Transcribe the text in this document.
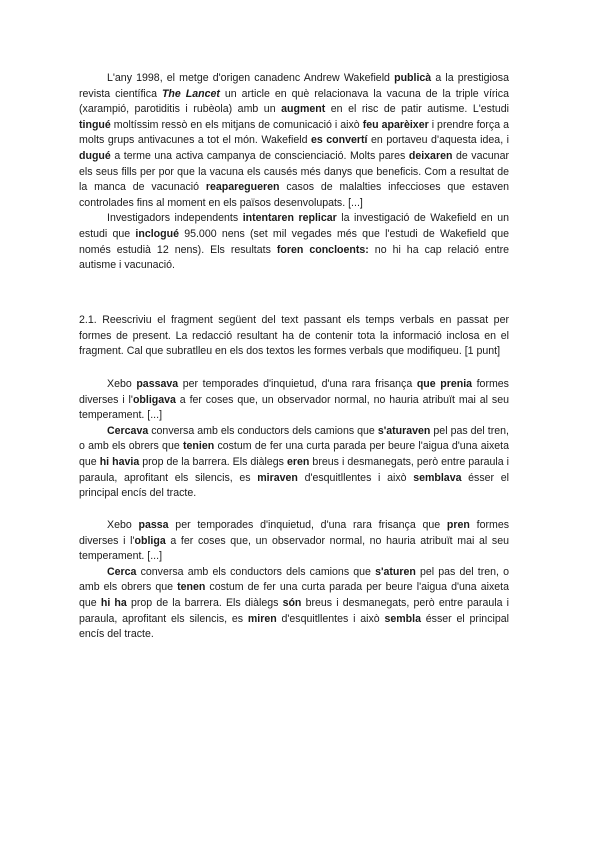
L'any 1998, el metge d'origen canadenc Andrew Wakefield publicà a la prestigiosa revista científica The Lancet un article en què relacionava la vacuna de la triple vírica (xarampió, parotiditis i rubèola) amb un augment en el risc de patir autisme. L'estudi tingué moltíssim ressò en els mitjans de comunicació i això feu aparèixer i prendre força a molts grups antivacunes a tot el món. Wakefield es convertí en portaveu d'aquesta idea, i dugué a terme una activa campanya de conscienciació. Molts pares deixaren de vacunar els seus fills per por que la vacuna els causés més danys que beneficis. Com a resultat de la manca de vacunació reaparegueren casos de malalties infeccioses que estaven controlades fins al moment en els països desenvolupats. [...]

Investigadors independents intentaren replicar la investigació de Wakefield en un estudi que inclogué 95.000 nens (set mil vegades més que l'estudi de Wakefield que només estudià 12 nens). Els resultats foren concloents: no hi ha cap relació entre autisme i vacunació.

2.1. Reescriviu el fragment següent del text passant els temps verbals en passat per formes de present. La redacció resultant ha de contenir tota la informació inclosa en el fragment. Cal que subratlleu en els dos textos les formes verbals que modifiqueu. [1 punt]

Xebo passava per temporades d'inquietud, d'una rara frisança que prenia formes diverses i l'obligava a fer coses que, un observador normal, no hauria atribuït mai al seu temperament. [...]

Cercava conversa amb els conductors dels camions que s'aturaven pel pas del tren, o amb els obrers que tenien costum de fer una curta parada per beure l'aigua d'una aixeta que hi havia prop de la barrera. Els diàlegs eren breus i desmanegats, però entre paraula i paraula, aprofitant els silencis, es miraven d'esquitllentes i això semblava ésser el principal encís del tracte.

Xebo passa per temporades d'inquietud, d'una rara frisança que pren formes diverses i l'obliga a fer coses que, un observador normal, no hauria atribuït mai al seu temperament. [...]

Cerca conversa amb els conductors dels camions que s'aturen pel pas del tren, o amb els obrers que tenen costum de fer una curta parada per beure l'aigua d'una aixeta que hi ha prop de la barrera. Els diàlegs són breus i desmanegats, però entre paraula i paraula, aprofitant els silencis, es miren d'esquitllentes i això sembla ésser el principal encís del tracte.
